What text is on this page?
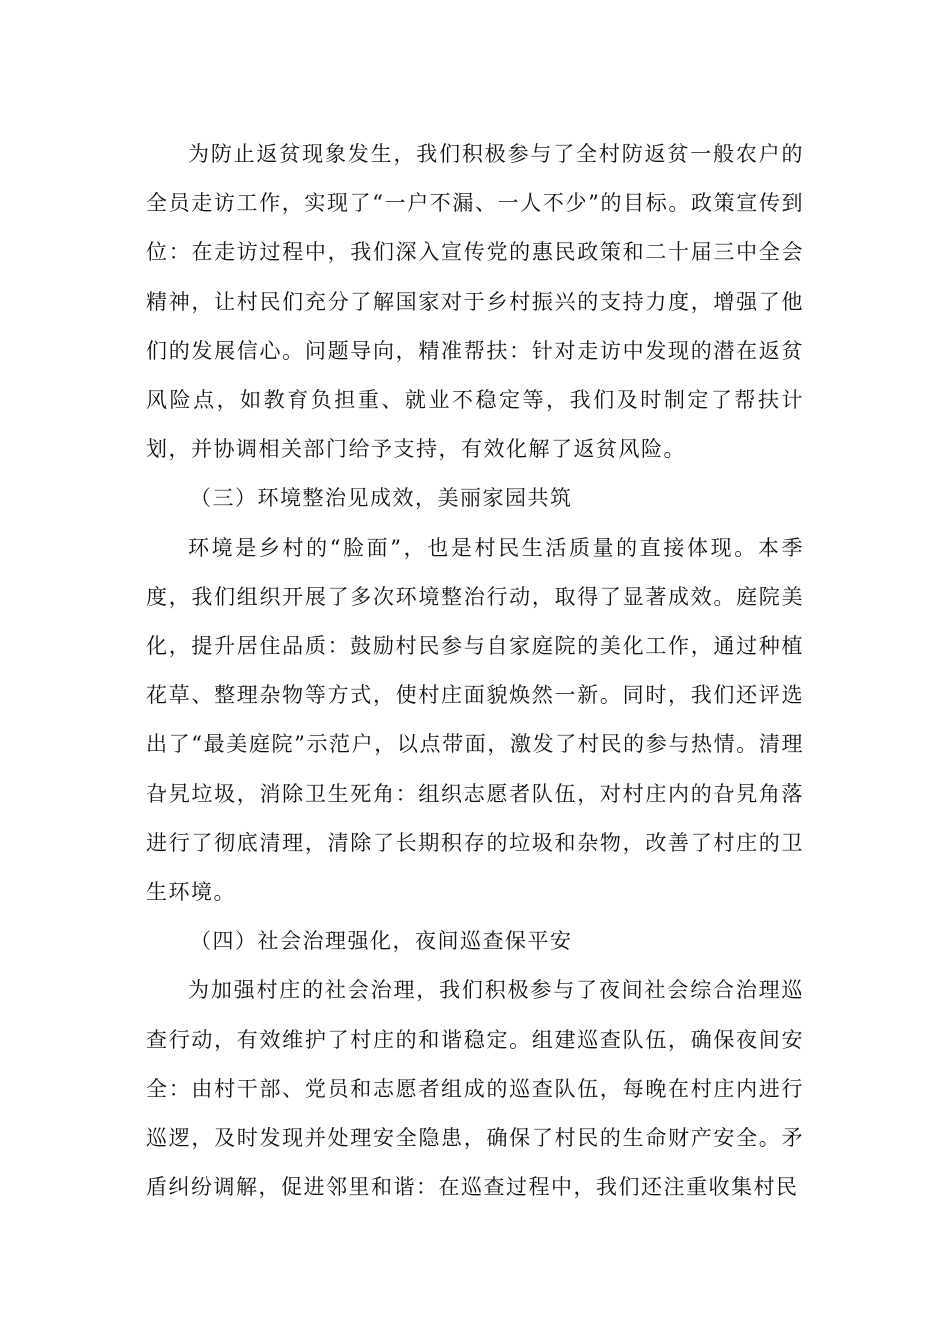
为防止返贫现象发生，我们积极参与了全村防返贫一般农户的全员走访工作，实现了“一户不漏、一人不少”的目标。政策宣传到位：在走访过程中，我们深入宣传党的惠民政策和二十届三中全会精神，让村民们充分了解国家对于乡村振兴的支持力度，增强了他们的发展信心。问题导向，精准帮扶：针对走访中发现的潜在返贫风险点，如教育负担重、就业不稳定等，我们及时制定了帮扶计划，并协调相关部门给予支持，有效化解了返贫风险。

（三）环境整治见成效，美丽家园共筑

环境是乡村的“脸面”，也是村民生活质量的直接体现。本季度，我们组织开展了多次环境整治行动，取得了显著成效。庭院美化，提升居住品质：鼓励村民参与自家庭院的美化工作，通过种植花草、整理杂物等方式，使村庄面貌焕然一新。同时，我们还评选出了“最美庭院”示范户，以点带面，激发了村民的参与热情。清理旮旯垃圾，消除卫生死角：组织志愿者队伍，对村庄内的旮旯角落进行了彻底清理，清除了长期积存的垃圾和杂物，改善了村庄的卫生环境。

（四）社会治理强化，夜间巡查保平安

为加强村庄的社会治理，我们积极参与了夜间社会综合治理巡查行动，有效维护了村庄的和谐稳定。组建巡查队伍，确保夜间安全：由村干部、党员和志愿者组成的巡查队伍，每晚在村庄内进行巡逻，及时发现并处理安全隐患，确保了村民的生命财产安全。矛盾纠纷调解，促进邻里和谐：在巡查过程中，我们还注重收集村民
